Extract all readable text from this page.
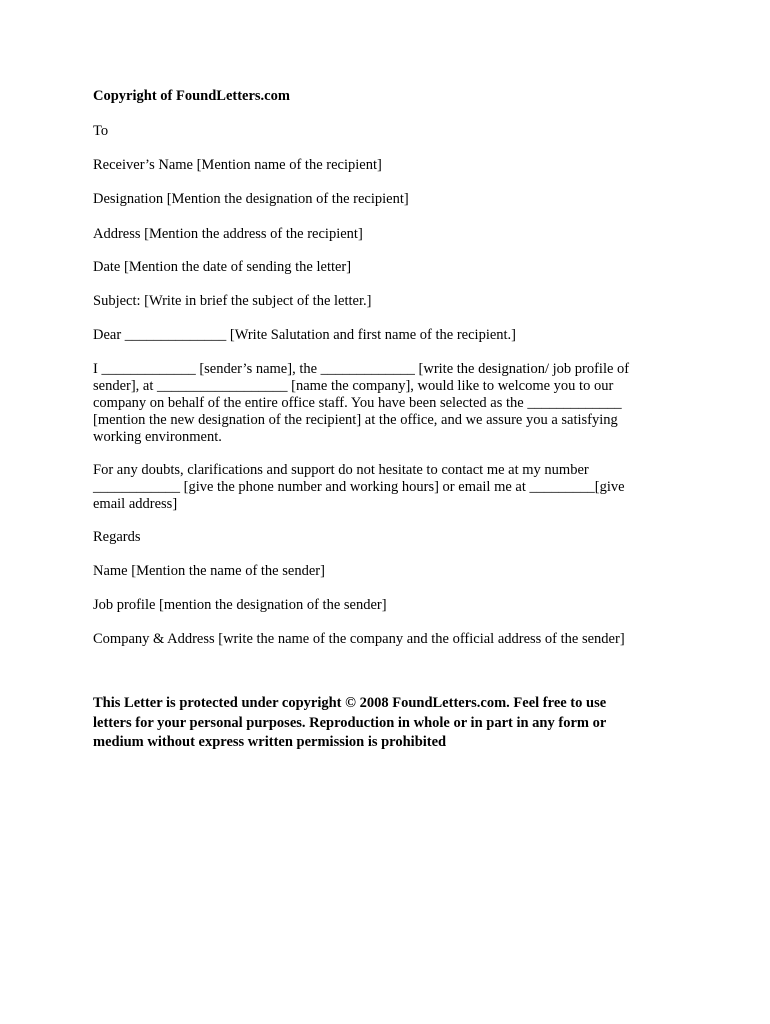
Copyright of FoundLetters.com
To
Receiver’s Name [Mention name of the recipient]
Designation [Mention the designation of the recipient]
Address [Mention the address of the recipient]
Date [Mention the date of sending the letter]
Subject: [Write in brief the subject of the letter.]
Dear ______________ [Write Salutation and first name of the recipient.]
I _____________ [sender’s name], the _____________ [write the designation/ job profile of
sender], at __________________ [name the company], would like to welcome you to our
company on behalf of the entire office staff. You have been selected as the _____________
[mention the new designation of the recipient] at the office, and we assure you a satisfying
working environment.
For any doubts, clarifications and support do not hesitate to contact me at my number
____________ [give the phone number and working hours] or email me at _________[give
email address]
Regards
Name [Mention the name of the sender]
Job profile [mention the designation of the sender]
Company & Address [write the name of the company and the official address of the sender]
This Letter is protected under copyright © 2008 FoundLetters.com. Feel free to use
letters for your personal purposes. Reproduction in whole or in part in any form or
medium without express written permission is prohibited
